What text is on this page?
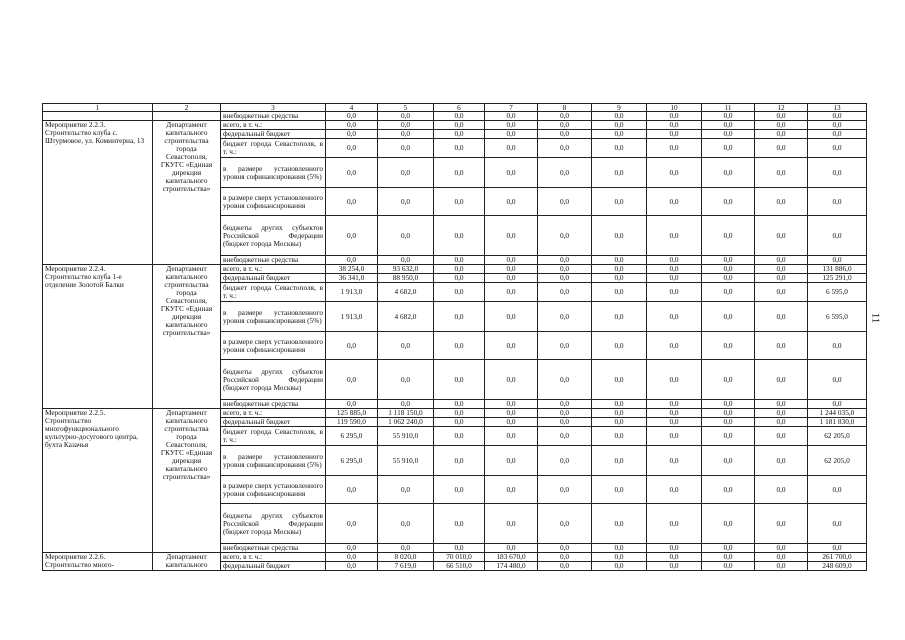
1	2	3	4	5	6	7	8	9	10	11	12	13
		внебюджетные средства	0,0	0,0	0,0	0,0	0,0	0,0	0,0	0,0	0,0	0,0
Мероприятие 2.2.3. Строительство клуба с. Штурмовое, ул. Коминтерна, 13	Департамент капитального строительства города Севастополя, ГКУГС «Единая дирекция капитального строительства»	всего, в т. ч.:	0,0	0,0	0,0	0,0	0,0	0,0	0,0	0,0	0,0	0,0
		федеральный бюджет	0,0	0,0	0,0	0,0	0,0	0,0	0,0	0,0	0,0	0,0
		бюджет города Севастополя, в т. ч.:	0,0	0,0	0,0	0,0	0,0	0,0	0,0	0,0	0,0	0,0
		в размере установленного уровня софинансирования (5%)	0,0	0,0	0,0	0,0	0,0	0,0	0,0	0,0	0,0	0,0
		в размере сверх установленного уровня софинансирования	0,0	0,0	0,0	0,0	0,0	0,0	0,0	0,0	0,0	0,0
		бюджеты других субъектов Российской Федерации (бюджет города Москвы)	0,0	0,0	0,0	0,0	0,0	0,0	0,0	0,0	0,0	0,0
		внебюджетные средства	0,0	0,0	0,0	0,0	0,0	0,0	0,0	0,0	0,0	0,0
Мероприятие 2.2.4. Строительство клуба 1-е отделение Золотой Балки	Департамент капитального строительства города Севастополя, ГКУГС «Единая дирекция капитального строительства»	всего, в т. ч.:	38 254,0	93 632,0	0,0	0,0	0,0	0,0	0,0	0,0	0,0	131 886,0
		федеральный бюджет	36 341,0	88 950,0	0,0	0,0	0,0	0,0	0,0	0,0	0,0	125 291,0
		бюджет города Севастополя, в т. ч.:	1 913,0	4 682,0	0,0	0,0	0,0	0,0	0,0	0,0	0,0	6 595,0
		в размере установленного уровня софинансирования (5%)	1 913,0	4 682,0	0,0	0,0	0,0	0,0	0,0	0,0	0,0	6 595,0
		в размере сверх установленного уровня софинансирования	0,0	0,0	0,0	0,0	0,0	0,0	0,0	0,0	0,0	0,0
		бюджеты других субъектов Российской Федерации (бюджет города Москвы)	0,0	0,0	0,0	0,0	0,0	0,0	0,0	0,0	0,0	0,0
		внебюджетные средства	0,0	0,0	0,0	0,0	0,0	0,0	0,0	0,0	0,0	0,0
Мероприятие 2.2.5. Строительство многофункционального культурно-досугового центра, бухта Казачья	Департамент капитального строительства города Севастополя, ГКУГС «Единая дирекция капитального строительства»	всего, в т. ч.:	125 885,0	1 118 150,0	0,0	0,0	0,0	0,0	0,0	0,0	0,0	1 244 035,0
		федеральный бюджет	119 590,0	1 062 240,0	0,0	0,0	0,0	0,0	0,0	0,0	0,0	1 181 830,0
		бюджет города Севастополя, в т. ч.:	6 295,0	55 910,0	0,0	0,0	0,0	0,0	0,0	0,0	0,0	62 205,0
		в размере установленного уровня софинансирования (5%)	6 295,0	55 910,0	0,0	0,0	0,0	0,0	0,0	0,0	0,0	62 205,0
		в размере сверх установленного уровня софинансирования	0,0	0,0	0,0	0,0	0,0	0,0	0,0	0,0	0,0	0,0
		бюджеты других субъектов Российской Федерации (бюджет города Москвы)	0,0	0,0	0,0	0,0	0,0	0,0	0,0	0,0	0,0	0,0
		внебюджетные средства	0,0	0,0	0,0	0,0	0,0	0,0	0,0	0,0	0,0	0,0
Мероприятие 2.2.6. Строительство много-	Департамент капитального	всего, в т. ч.:	0,0	8 020,0	70 010,0	183 670,0	0,0	0,0	0,0	0,0	0,0	261 700,0
		федеральный бюджет	0,0	7 619,0	66 510,0	174 480,0	0,0	0,0	0,0	0,0	0,0	248 609,0
11
